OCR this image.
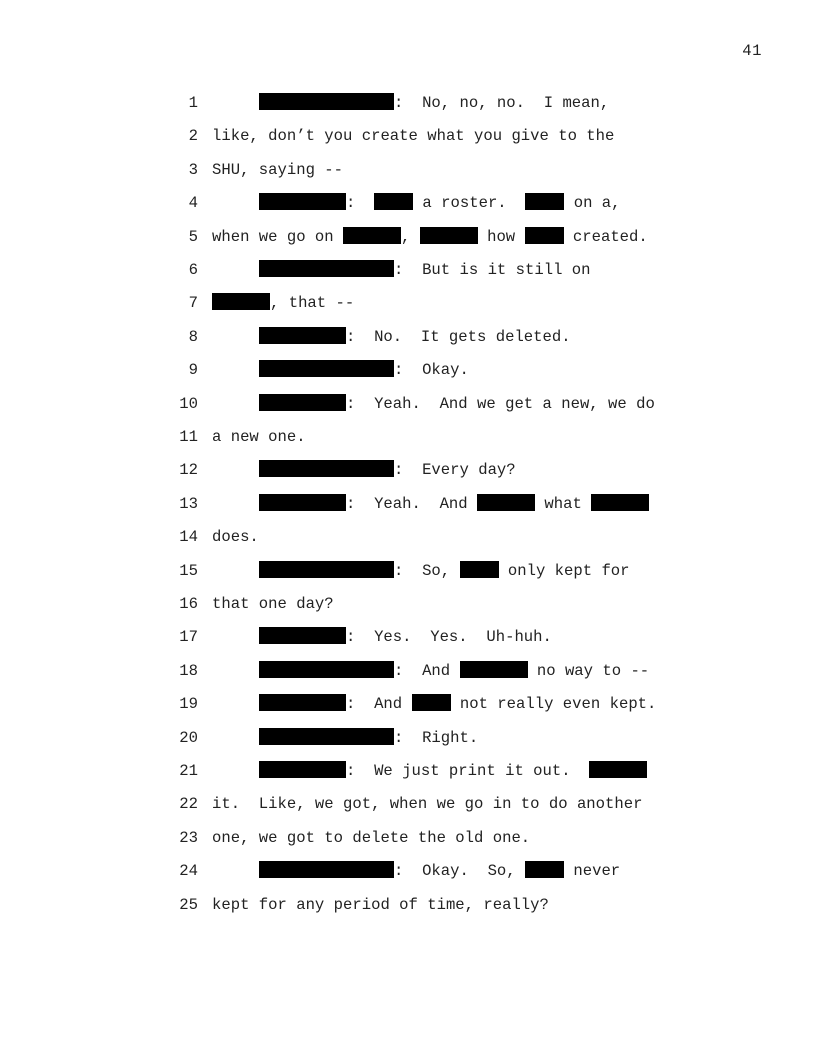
41
1	:  No, no, no.  I mean,
2 like, don’t you create what you give to the
3 SHU, saying --
4	:	a roster.	on a,
5 when we go on	,	how	created.
6	:  But is it still on
7	, that --
8	:  No.  It gets deleted.
9	:  Okay.
10	:  Yeah.  And we get a new, we do
11 a new one.
12	:  Every day?
13	:  Yeah.  And	what
14 does.
15	:  So,	only kept for
16 that one day?
17	:  Yes.  Yes.  Uh-huh.
18	:  And	no way to --
19	:  And	not really even kept.
20	:  Right.
21	:  We just print it out.
22 it.  Like, we got, when we go in to do another
23 one, we got to delete the old one.
24	:  Okay.  So,	never
25 kept for any period of time, really?
